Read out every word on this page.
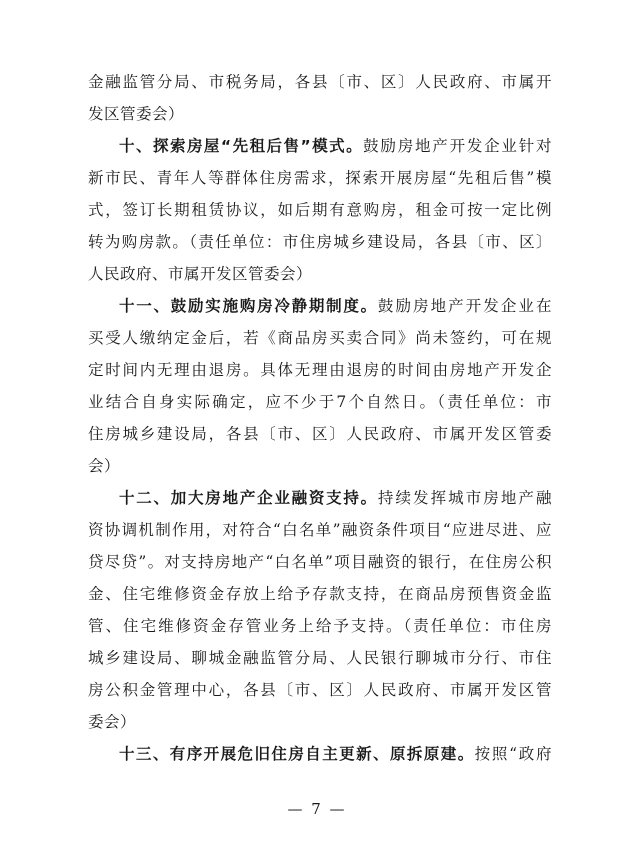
金融监管分局、市税务局，各县〔市、区〕人民政府、市属开
发区管委会）
十、探索房屋“先租后售”模式。鼓励房地产开发企业针对
新市民、青年人等群体住房需求，探索开展房屋“先租后售”模
式，签订长期租赁协议，如后期有意购房，租金可按一定比例
转为购房款。（责任单位：市住房城乡建设局，各县〔市、区〕
人民政府、市属开发区管委会）
十一、鼓励实施购房冷静期制度。鼓励房地产开发企业在
买受人缴纳定金后，若《商品房买卖合同》尚未签约，可在规
定时间内无理由退房。具体无理由退房的时间由房地产开发企
业结合自身实际确定，应不少于7个自然日。（责任单位：市
住房城乡建设局，各县〔市、区〕人民政府、市属开发区管委
会）
十二、加大房地产企业融资支持。持续发挥城市房地产融
资协调机制作用，对符合“白名单”融资条件项目“应进尽进、应
贷尽贷”。对支持房地产“白名单”项目融资的银行，在住房公积
金、住宅维修资金存放上给予存款支持，在商品房预售资金监
管、住宅维修资金存管业务上给予支持。（责任单位：市住房
城乡建设局、聊城金融监管分局、人民银行聊城市分行、市住
房公积金管理中心，各县〔市、区〕人民政府、市属开发区管
委会）
十三、有序开展危旧住房自主更新、原拆原建。按照“政府
— 7 —
